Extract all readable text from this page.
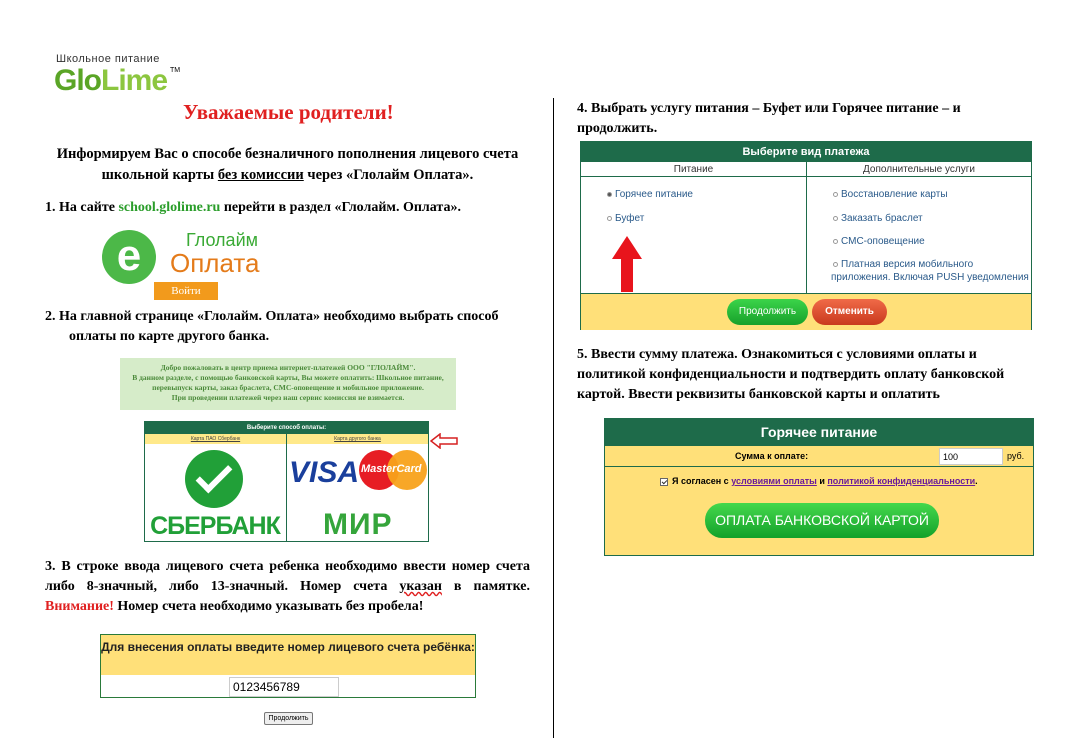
Школьное питание
GloLime TM
Уважаемые родители!
Информируем Вас о способе безналичного пополнения лицевого счета школьной карты без комиссии через «Глолайм Оплата».
1. На сайте school.glolime.ru перейти в раздел «Глолайм. Оплата».
e	Глолайм
Оплата
Войти
2. На главной странице «Глолайм. Оплата» необходимо выбрать способ
оплаты по карте другого банка.
Добро пожаловать в центр приема интернет-платежей ООО "ГЛОЛАЙМ".
В данном разделе, с помощью банковской карты, Вы можете оплатить: Школьное питание,
перевыпуск карты, заказ браслета, СМС-оповещение и мобильное приложение.
При проведении платежей через наш сервис комиссия не взимается.
Выберите способ оплаты:
Карта ПАО Сбербанк	Карта другого банка
СБЕРБАНК
VISA MasterCard
МИР
3. В строке ввода лицевого счета ребенка необходимо ввести номер счета либо 8-значный, либо 13-значный. Номер счета указан в памятке. Внимание! Номер счета необходимо указывать без пробела!
Для внесения оплаты введите номер лицевого счета ребёнка:
0123456789
Продолжить
4. Выбрать услугу питания – Буфет или Горячее питание – и продолжить.
Выберите вид платежа
Питание	Дополнительные услуги
Горячее питание
Буфет
Восстановление карты
Заказать браслет
СМС-оповещение
Платная версия мобильного
приложения. Включая PUSH уведомления
Продолжить	Отменить
5. Ввести сумму платежа. Ознакомиться с условиями оплаты и политикой конфиденциальности и подтвердить оплату банковской картой. Ввести реквизиты банковской карты и оплатить
Горячее питание
Сумма к оплате:	100	руб.
Я согласен с условиями оплаты и политикой конфиденциальности.
ОПЛАТА БАНКОВСКОЙ КАРТОЙ
